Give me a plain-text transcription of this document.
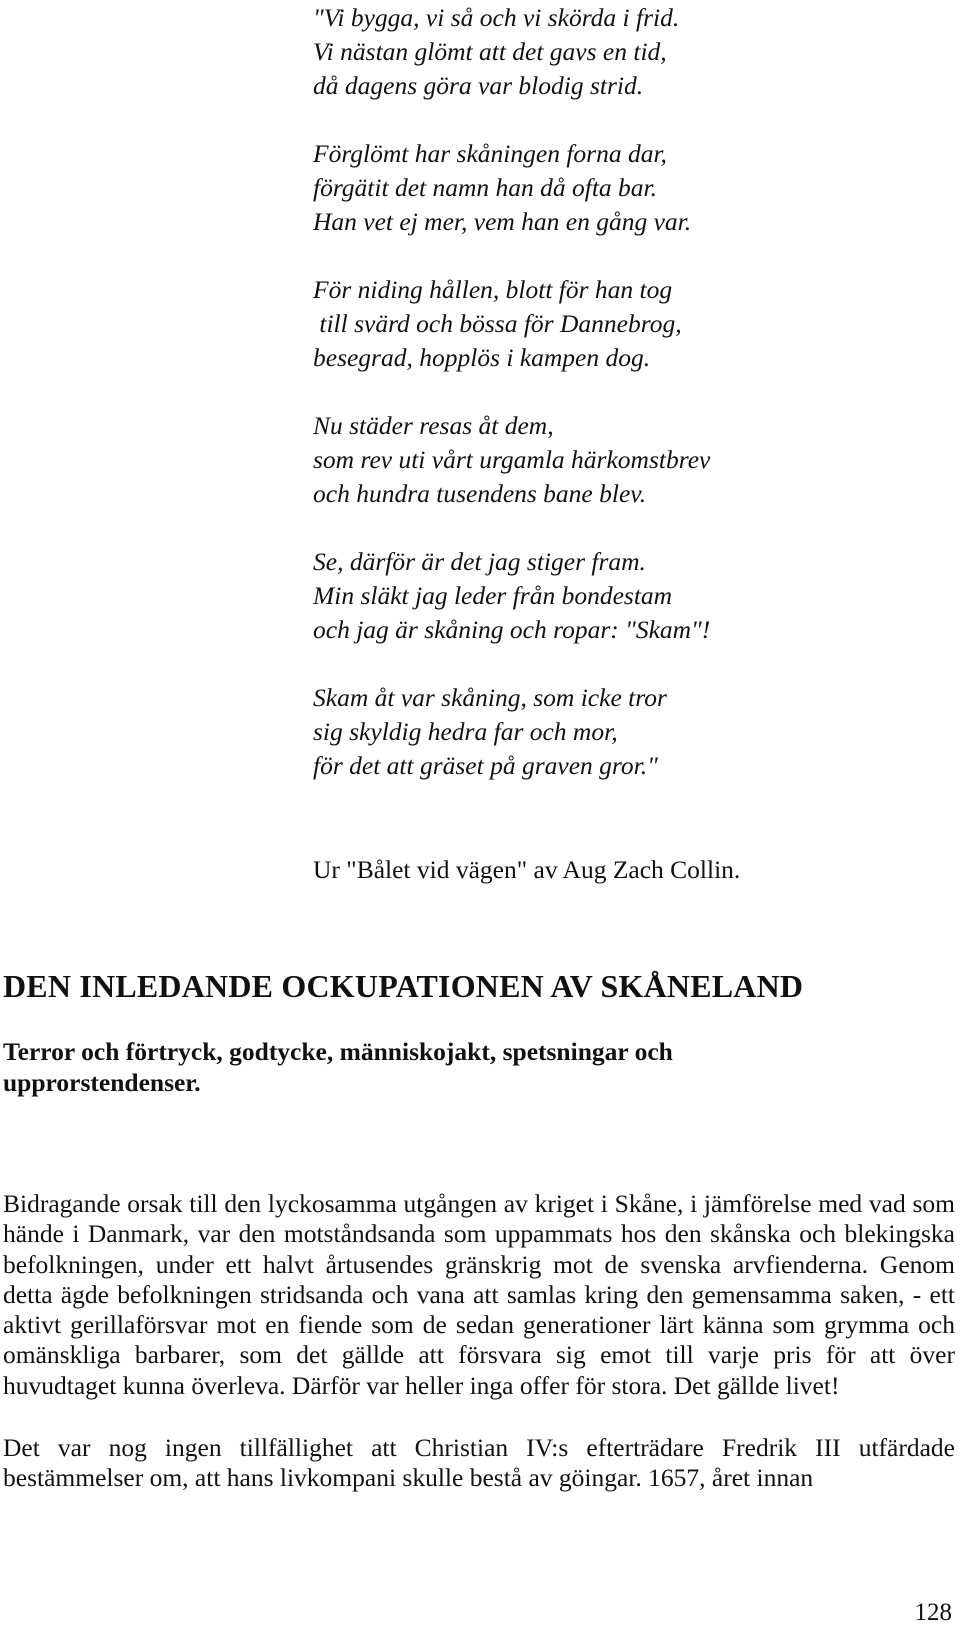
"Vi bygga, vi så och vi skörda i frid.
Vi nästan glömt att det gavs en tid,
då dagens göra var blodig strid.
Förglömt har skåningen forna dar,
förgätit det namn han då ofta bar.
Han vet ej mer, vem han en gång var.
För niding hållen, blott för han tog
till svärd och bössa för Dannebrog,
besegrad, hopplös i kampen dog.
Nu städer resas åt dem,
som rev uti vårt urgamla härkomstbrev
och hundra tusendens bane blev.
Se, därför är det jag stiger fram.
Min släkt jag leder från bondestam
och jag är skåning och ropar: "Skam"!
Skam åt var skåning, som icke tror
sig skyldig hedra far och mor,
för det att gräset på graven gror."
Ur "Bålet vid vägen" av Aug Zach Collin.
DEN INLEDANDE OCKUPATIONEN AV SKÅNELAND
Terror och förtryck, godtycke, människojakt, spetsningar och upprorstendenser.
Bidragande orsak till den lyckosamma utgången av kriget i Skåne, i jämförelse med vad som hände i Danmark, var den motståndsanda som uppammats hos den skånska och blekingska befolkningen, under ett halvt årtusendes gränskrig mot de svenska arvfienderna. Genom detta ägde befolkningen stridsanda och vana att samlas kring den gemensamma saken, - ett aktivt gerillaförsvar mot en fiende som de sedan generationer lärt känna som grymma och omänskliga barbarer, som det gällde att försvara sig emot till varje pris för att över huvudtaget kunna överleva. Därför var heller inga offer för stora. Det gällde livet!
Det var nog ingen tillfällighet att Christian IV:s efterträdare Fredrik III utfärdade bestämmelser om, att hans livkompani skulle bestå av göingar. 1657, året innan
128
